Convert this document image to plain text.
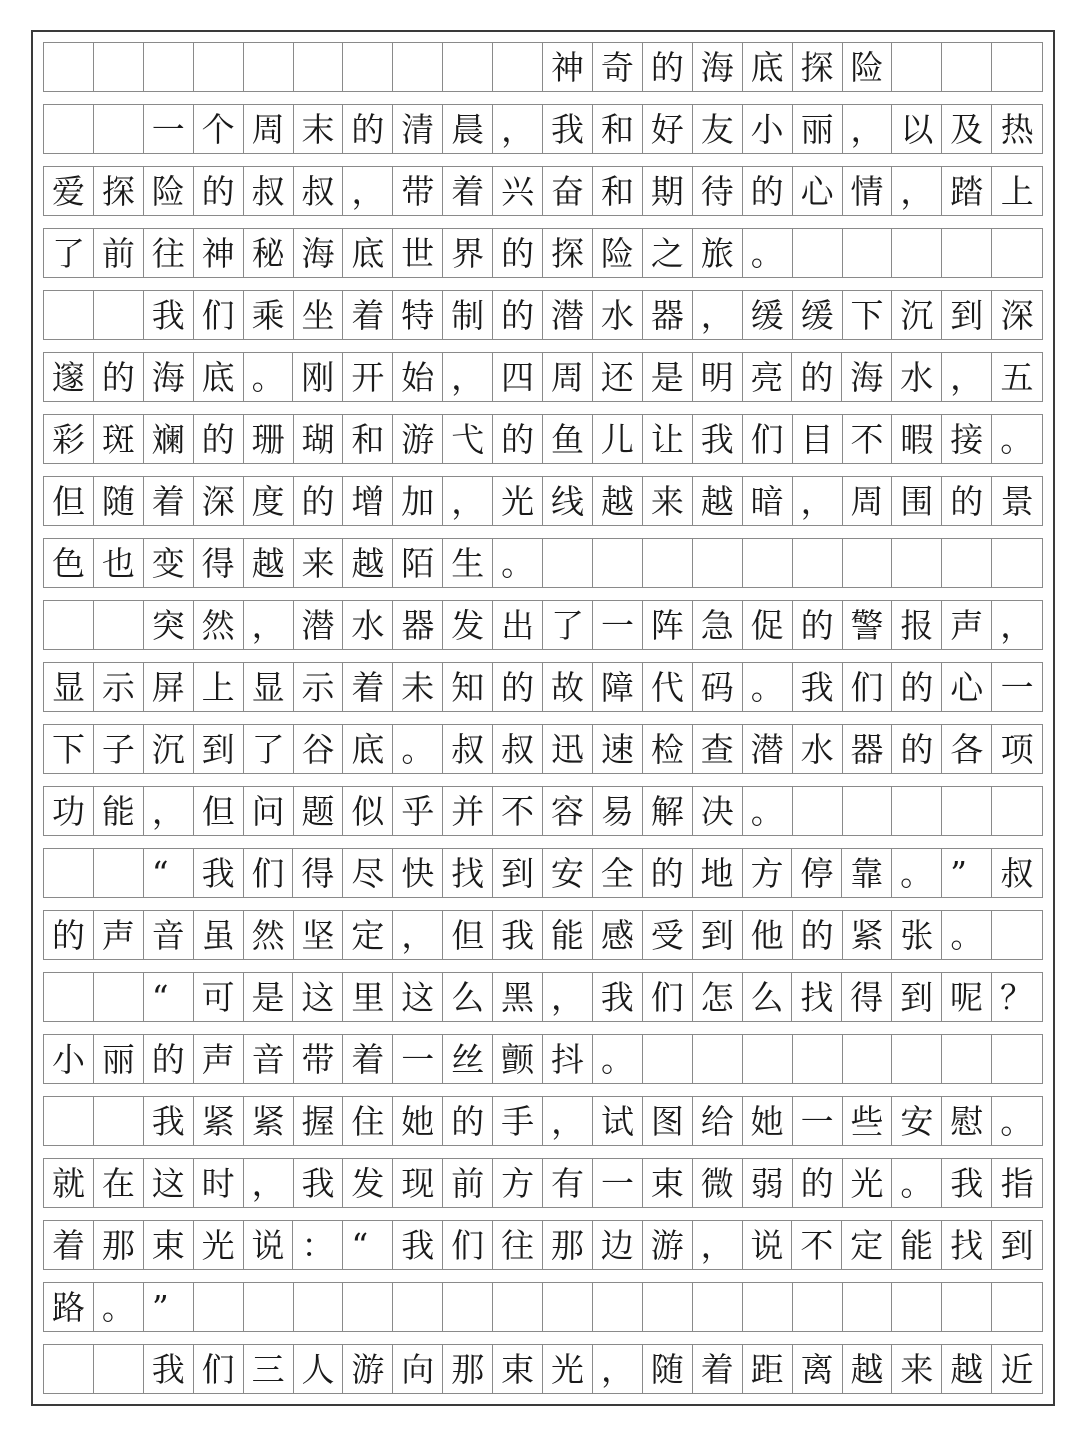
神 奇 的 海 底 探 险
一 个 周 末 的 清 晨 ， 我 和 好 友 小 丽 ， 以 及 热
爱 探 险 的 叔 叔 ， 带 着 兴 奋 和 期 待 的 心 情 ， 踏 上
了 前 往 神 秘 海 底 世 界 的 探 险 之 旅 。
我 们 乘 坐 着 特 制 的 潜 水 器 ， 缓 缓 下 沉 到 深
邃 的 海 底 。 刚 开 始 ， 四 周 还 是 明 亮 的 海 水 ， 五
彩 斑 斓 的 珊 瑚 和 游 弋 的 鱼 儿 让 我 们 目 不 暇 接 。
但 随 着 深 度 的 增 加 ， 光 线 越 来 越 暗 ， 周 围 的 景
色 也 变 得 越 来 越 陌 生 。
突 然 ， 潜 水 器 发 出 了 一 阵 急 促 的 警 报 声 ，
显 示 屏 上 显 示 着 未 知 的 故 障 代 码 。 我 们 的 心 一
下 子 沉 到 了 谷 底 。 叔 叔 迅 速 检 查 潜 水 器 的 各 项
功 能 ， 但 问 题 似 乎 并 不 容 易 解 决 。
“ 我 们 得 尽 快 找 到 安 全 的 地 方 停 靠 。 ”	叔
的 声 音 虽 然 坚 定 ， 但 我 能 感 受 到 他 的 紧 张 。
“ 可 是 这 里 这 么 黑 ， 我 们 怎 么 找 得 到 呢 ？
小 丽 的 声 音 带 着 一 丝 颤 抖 。
我 紧 紧 握 住 她 的 手 ， 试 图 给 她 一 些 安 慰 。
就 在 这 时 ， 我 发 现 前 方 有 一 束 微 弱 的 光 。 我 指
着 那 束 光 说 ： “ 我 们 往 那 边 游 ， 说 不 定 能 找 到
路 。 ”
我 们 三 人 游 向 那 束 光 ， 随 着 距 离 越 来 越 近
